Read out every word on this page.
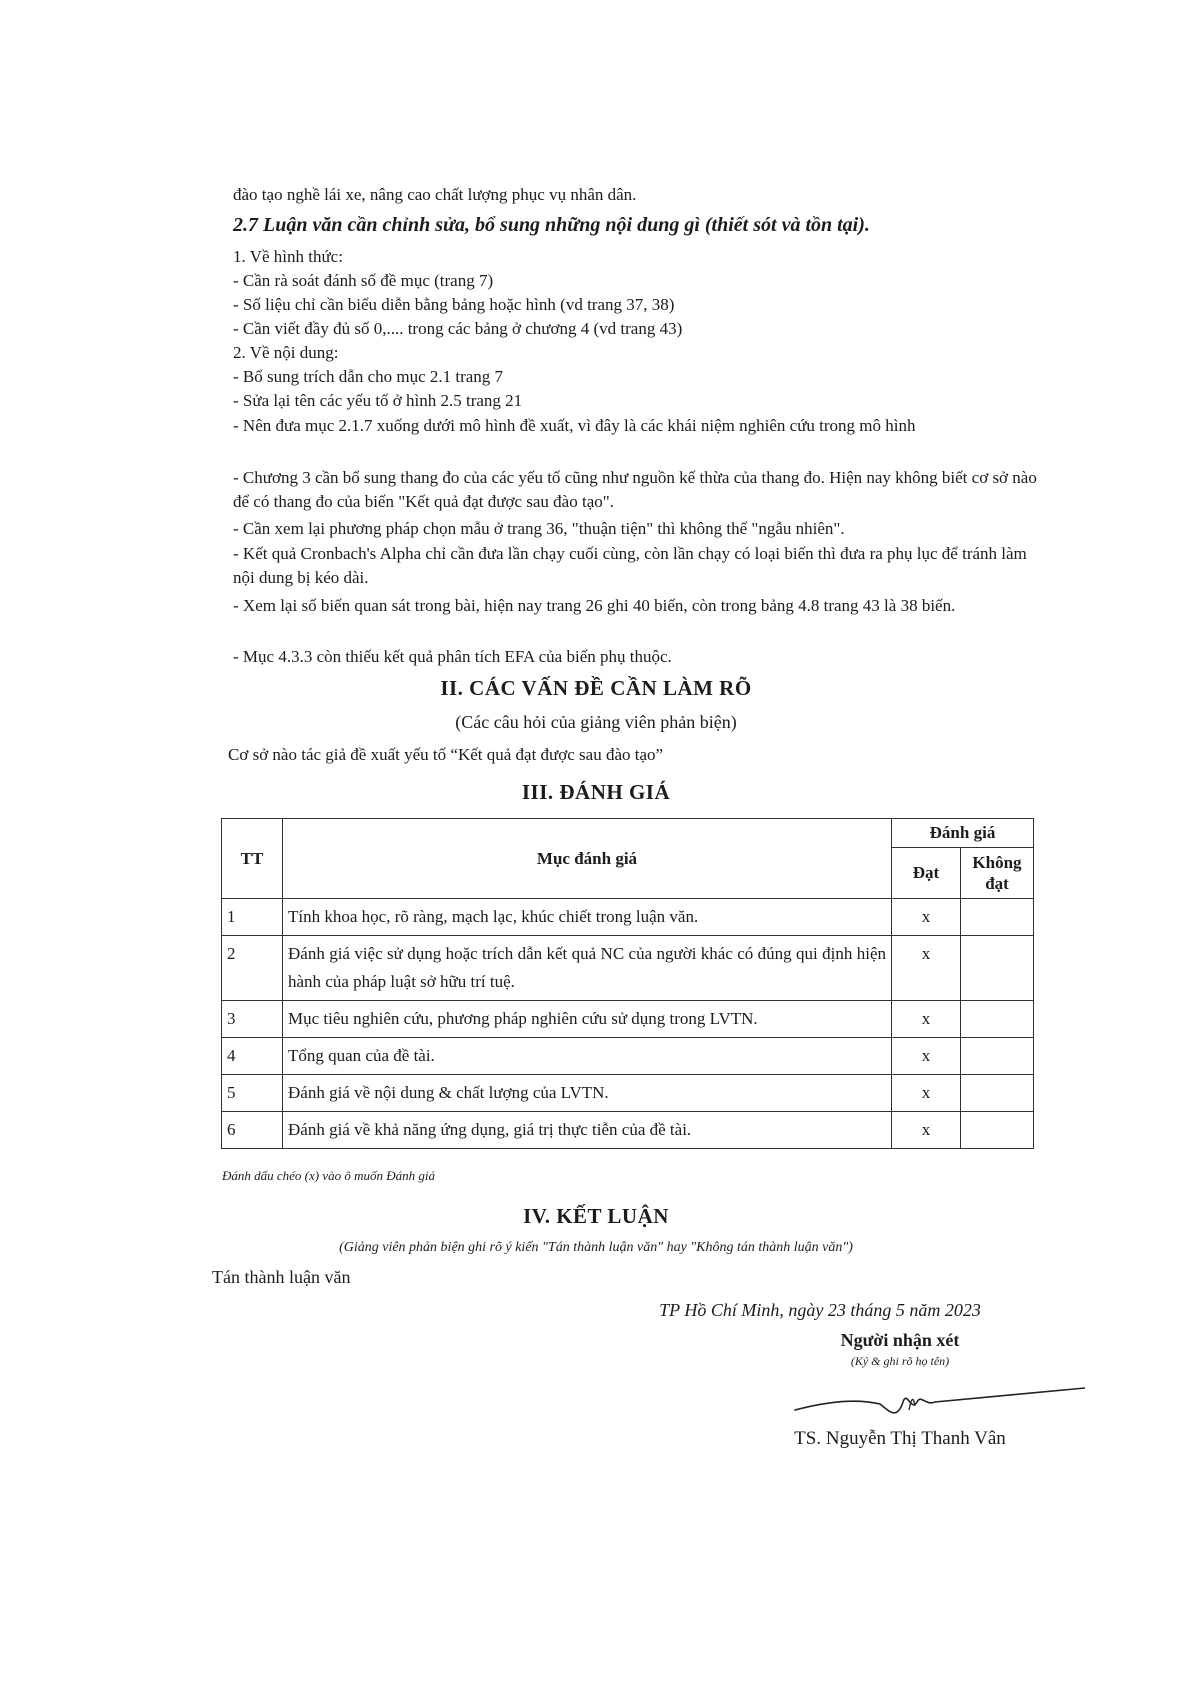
đào tạo nghề lái xe, nâng cao chất lượng phục vụ nhân dân.
2.7 Luận văn cần chỉnh sửa, bổ sung những nội dung gì (thiết sót và tồn tại).
1. Về hình thức:
- Cần rà soát đánh số đề mục (trang 7)
- Số liệu chỉ cần biểu diễn bằng bảng hoặc hình (vd trang 37, 38)
- Cần viết đầy đủ số 0,.... trong các bảng ở chương 4 (vd trang 43)
2. Về nội dung:
- Bổ sung trích dẫn cho mục 2.1 trang 7
- Sửa lại tên các yếu tố ở hình 2.5 trang 21
- Nên đưa mục 2.1.7 xuống dưới mô hình đề xuất, vì đây là các khái niệm nghiên cứu trong mô hình
- Chương 3 cần bổ sung thang đo của các yếu tố cũng như nguồn kế thừa của thang đo. Hiện nay không biết cơ sở nào để có thang đo của biến "Kết quả đạt được sau đào tạo".
- Cần xem lại phương pháp chọn mẫu ở trang 36, "thuận tiện" thì không thể "ngẫu nhiên".
- Kết quả Cronbach's Alpha chỉ cần đưa lần chạy cuối cùng, còn lần chạy có loại biến thì đưa ra phụ lục để tránh làm nội dung bị kéo dài.
- Xem lại số biến quan sát trong bài, hiện nay trang 26 ghi 40 biến, còn trong bảng 4.8 trang 43 là 38 biến.
- Mục 4.3.3 còn thiếu kết quả phân tích EFA của biến phụ thuộc.
II. CÁC VẤN ĐỀ CẦN LÀM RÕ
(Các câu hỏi của giảng viên phản biện)
Cơ sở nào tác giả đề xuất yếu tố “Kết quả đạt được sau đào tạo”
III. ĐÁNH GIÁ
TT	Mục đánh giá	Đánh giá	
		Đạt	Không đạt
1	Tính khoa học, rõ ràng, mạch lạc, khúc chiết trong luận văn.	x	
2	Đánh giá việc sử dụng hoặc trích dẫn kết quả NC của người khác có đúng qui định hiện hành của pháp luật sở hữu trí tuệ.	x	
3	Mục tiêu nghiên cứu, phương pháp nghiên cứu sử dụng trong LVTN.	x	
4	Tổng quan của đề tài.	x	
5	Đánh giá về nội dung & chất lượng của LVTN.	x	
6	Đánh giá về khả năng ứng dụng, giá trị thực tiễn của đề tài.	x	
Đánh dấu chéo (x) vào ô muốn Đánh giá
IV. KẾT LUẬN
(Giảng viên phản biện ghi rõ ý kiến "Tán thành luận văn" hay "Không tán thành luận văn")
Tán thành luận văn
TP Hồ Chí Minh, ngày 23 tháng 5 năm 2023
Người nhận xét
(Ký & ghi rõ họ tên)
TS. Nguyễn Thị Thanh Vân
